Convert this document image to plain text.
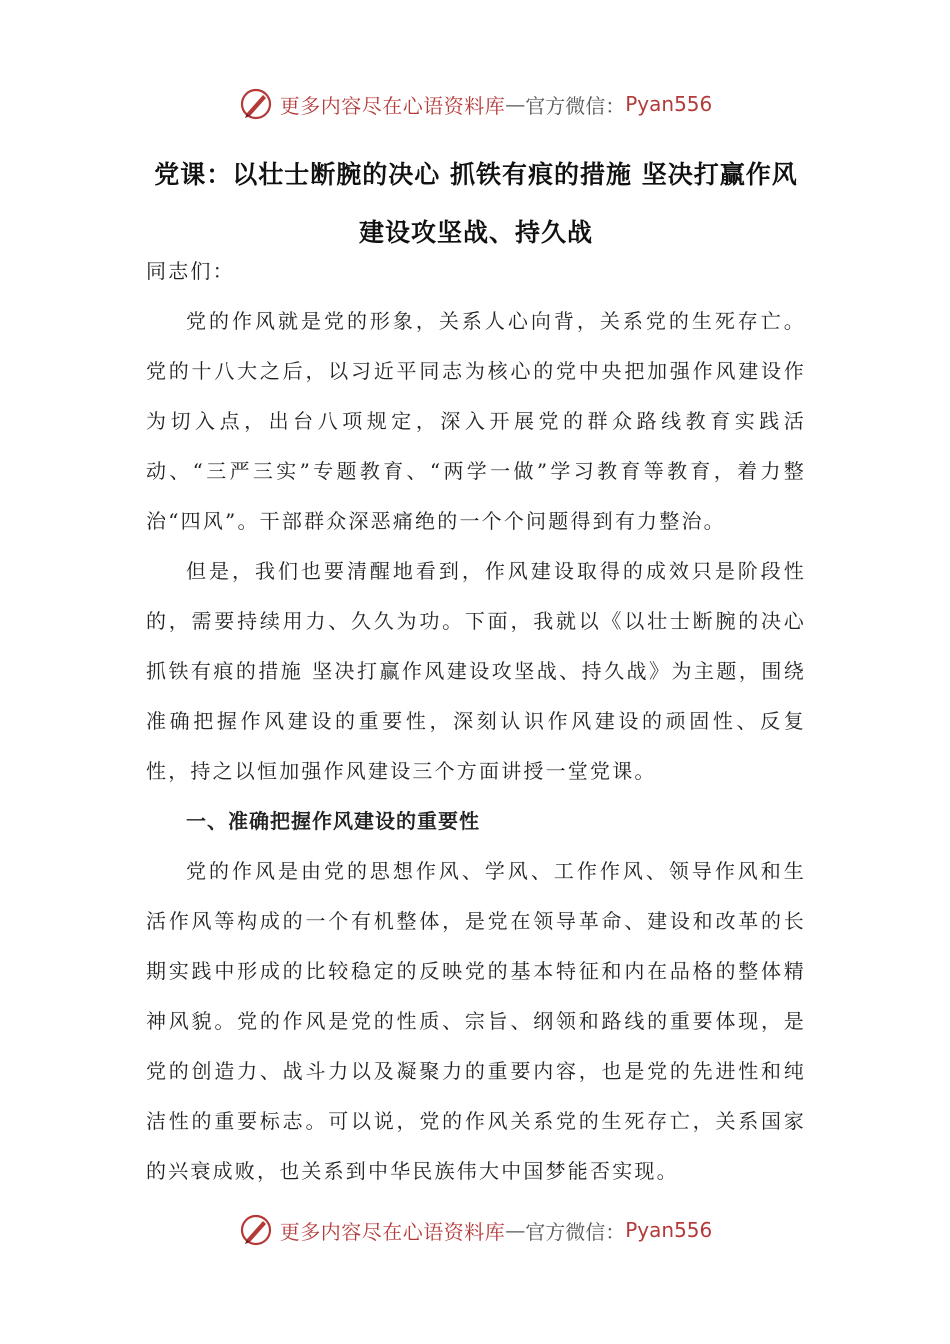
更多内容尽在心语资料库 — 官方微信： Pyan556
党课：以壮士断腕的决心 抓铁有痕的措施 坚决打赢作风建设攻坚战、持久战

同志们：

党的作风就是党的形象，关系人心向背，关系党的生死存亡。党的十八大之后，以习近平同志为核心的党中央把加强作风建设作为切入点，出台八项规定，深入开展党的群众路线教育实践活动、“三严三实”专题教育、“两学一做”学习教育等教育，着力整治“四风”。干部群众深恶痛绝的一个个问题得到有力整治。

但是，我们也要清醒地看到，作风建设取得的成效只是阶段性的，需要持续用力、久久为功。下面，我就以《以壮士断腕的决心 抓铁有痕的措施 坚决打赢作风建设攻坚战、持久战》为主题，围绕准确把握作风建设的重要性，深刻认识作风建设的顽固性、反复性，持之以恒加强作风建设三个方面讲授一堂党课。

一、准确把握作风建设的重要性

党的作风是由党的思想作风、学风、工作作风、领导作风和生活作风等构成的一个有机整体，是党在领导革命、建设和改革的长期实践中形成的比较稳定的反映党的基本特征和内在品格的整体精神风貌。党的作风是党的性质、宗旨、纲领和路线的重要体现，是党的创造力、战斗力以及凝聚力的重要内容，也是党的先进性和纯洁性的重要标志。可以说，党的作风关系党的生死存亡，关系国家的兴衰成败，也关系到中华民族伟大中国梦能否实现。

更多内容尽在心语资料库 — 官方微信： Pyan556
